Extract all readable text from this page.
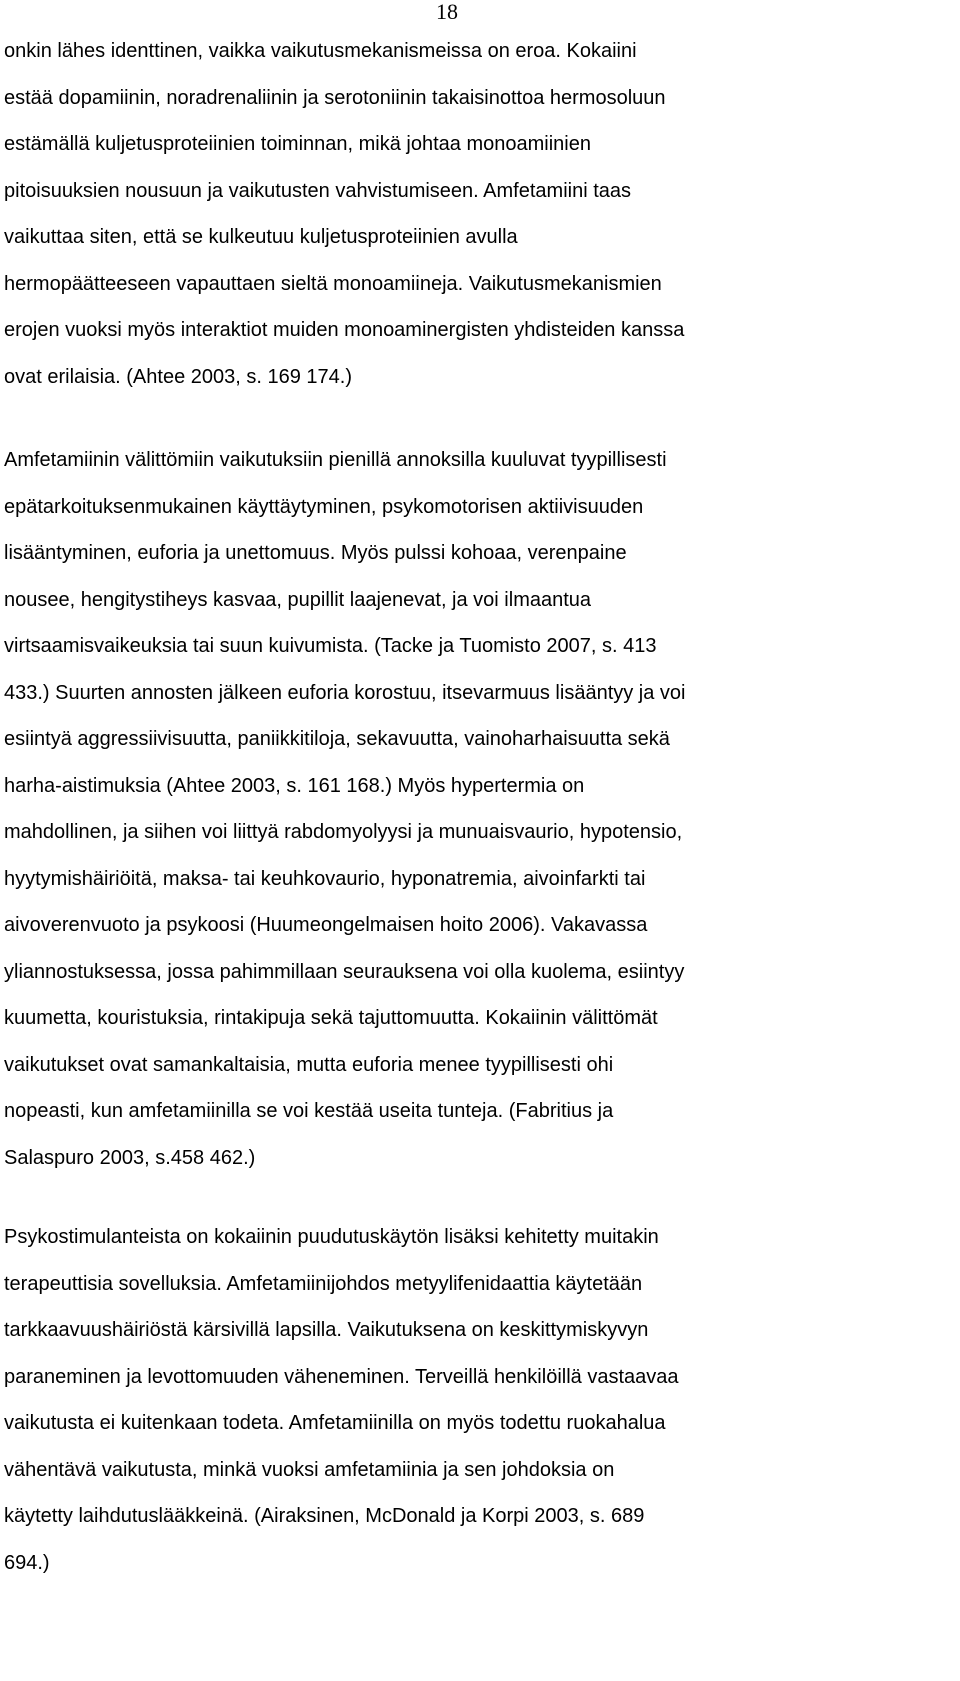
18
onkin lähes identtinen, vaikka vaikutusmekanismeissa on eroa. Kokaiini
estää dopamiinin, noradrenaliinin ja serotoniinin takaisinottoa hermosoluun
estämällä kuljetusproteiinien toiminnan, mikä johtaa monoamiinien
pitoisuuksien nousuun ja vaikutusten vahvistumiseen. Amfetamiini taas
vaikuttaa siten, että se kulkeutuu kuljetusproteiinien avulla
hermopäätteeseen vapauttaen sieltä monoamiineja. Vaikutusmekanismien
erojen vuoksi myös interaktiot muiden monoaminergisten yhdisteiden kanssa
ovat erilaisia. (Ahtee 2003, s. 169 174.)
Amfetamiinin välittömiin vaikutuksiin pienillä annoksilla kuuluvat tyypillisesti
epätarkoituksenmukainen käyttäytyminen, psykomotorisen aktiivisuuden
lisääntyminen, euforia ja unettomuus. Myös pulssi kohoaa, verenpaine
nousee, hengitystiheys kasvaa, pupillit laajenevat, ja voi ilmaantua
virtsaamisvaikeuksia tai suun kuivumista. (Tacke ja Tuomisto 2007, s. 413
433.) Suurten annosten jälkeen euforia korostuu, itsevarmuus lisääntyy ja voi
esiintyä aggressiivisuutta, paniikkitiloja, sekavuutta, vainoharhaisuutta sekä
harha-aistimuksia (Ahtee 2003, s. 161 168.) Myös hypertermia on
mahdollinen, ja siihen voi liittyä rabdomyolyysi ja munuaisvaurio, hypotensio,
hyytymishäiriöitä, maksa- tai keuhkovaurio, hyponatremia, aivoinfarkti tai
aivoverenvuoto ja psykoosi (Huumeongelmaisen hoito 2006). Vakavassa
yliannostuksessa, jossa pahimmillaan seurauksena voi olla kuolema, esiintyy
kuumetta, kouristuksia, rintakipuja sekä tajuttomuutta. Kokaiinin välittömät
vaikutukset ovat samankaltaisia, mutta euforia menee tyypillisesti ohi
nopeasti, kun amfetamiinilla se voi kestää useita tunteja. (Fabritius ja
Salaspuro 2003, s.458 462.)
Psykostimulanteista on kokaiinin puudutuskäytön lisäksi kehitetty muitakin
terapeuttisia sovelluksia. Amfetamiinijohdos metyylifenidaattia käytetään
tarkkaavuushäiriöstä kärsivillä lapsilla. Vaikutuksena on keskittymiskyvyn
paraneminen ja levottomuuden väheneminen. Terveillä henkilöillä vastaavaa
vaikutusta ei kuitenkaan todeta. Amfetamiinilla on myös todettu ruokahalua
vähentävä vaikutusta, minkä vuoksi amfetamiinia ja sen johdoksia on
käytetty laihdutuslääkkeinä. (Airaksinen, McDonald ja Korpi 2003, s. 689
694.)
